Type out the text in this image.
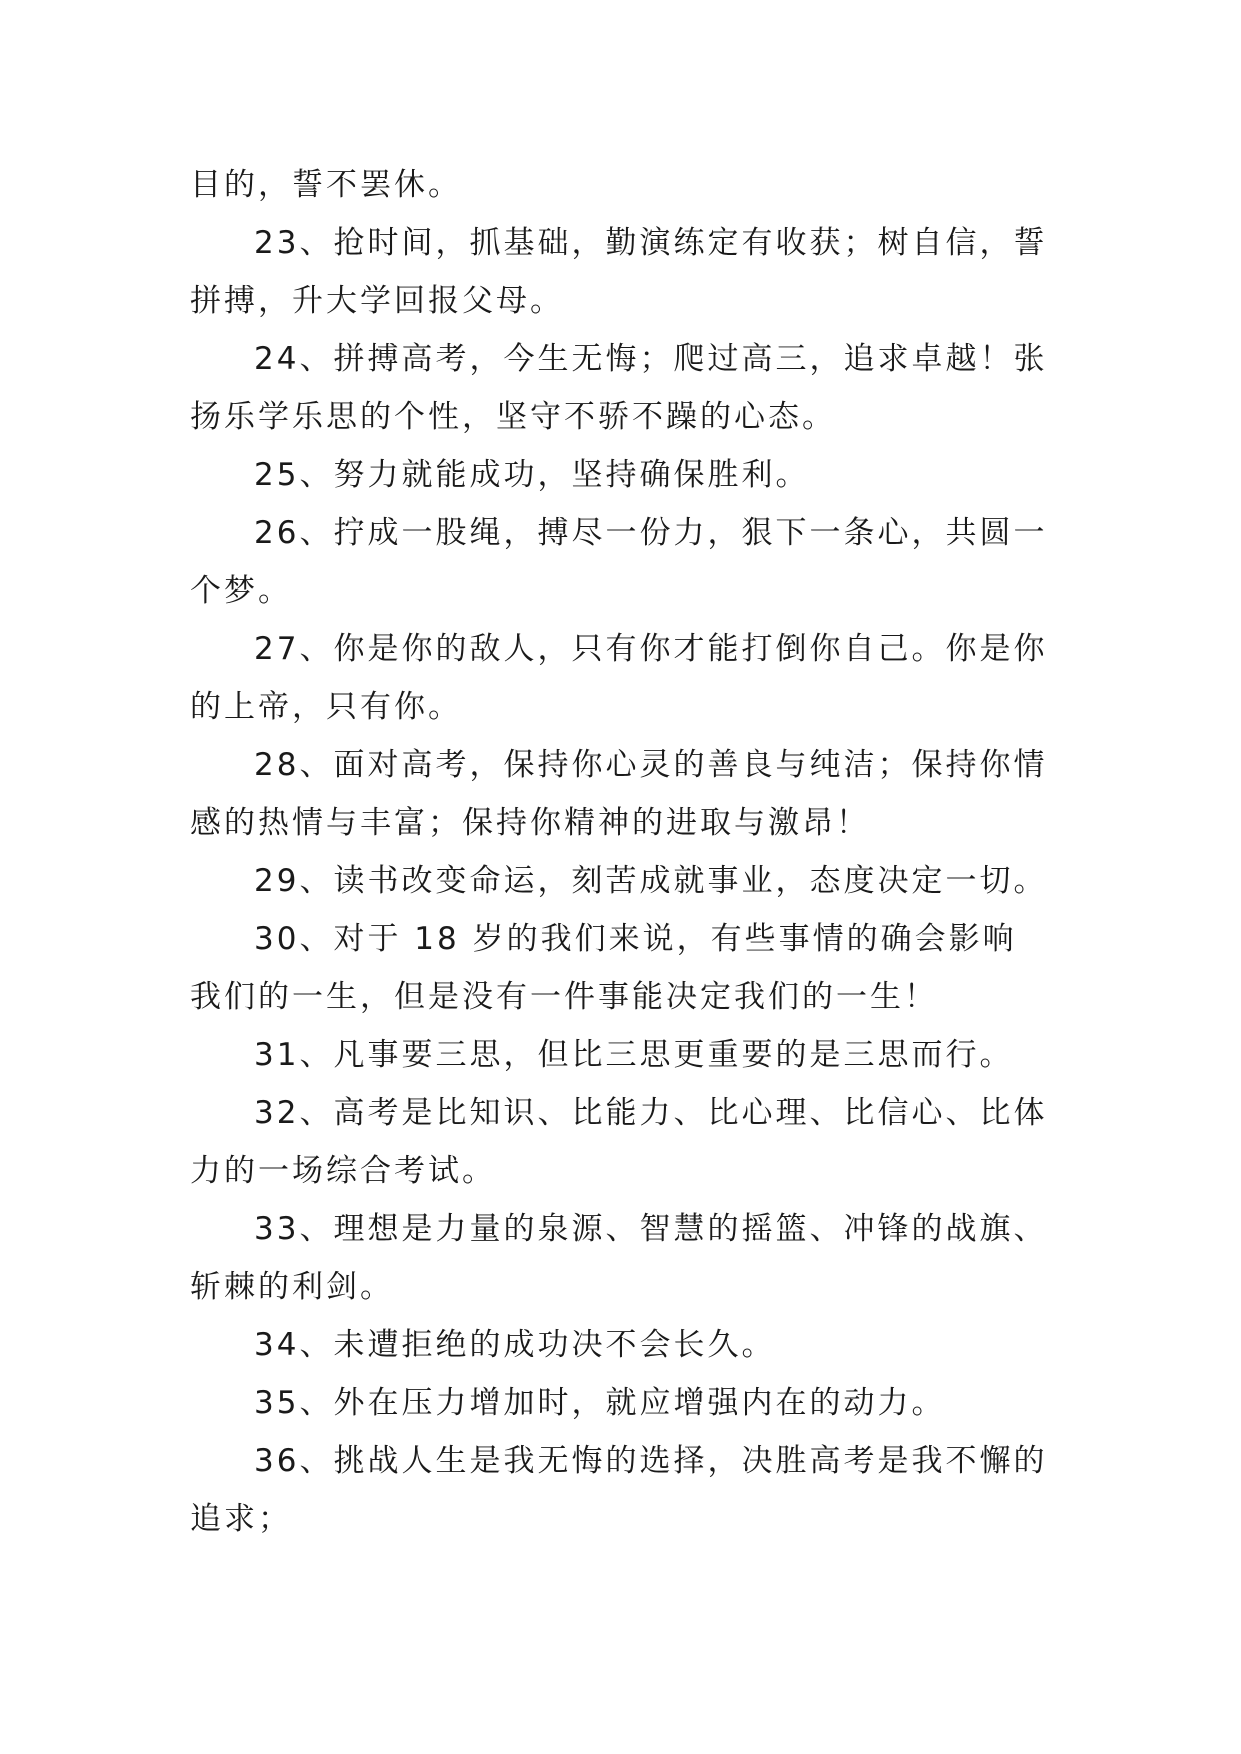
目的，誓不罢休。

23、抢时间，抓基础，勤演练定有收获；树自信，誓拼搏，升大学回报父母。

24、拼搏高考，今生无悔；爬过高三，追求卓越！张扬乐学乐思的个性，坚守不骄不躁的心态。

25、努力就能成功，坚持确保胜利。

26、拧成一股绳，搏尽一份力，狠下一条心，共圆一个梦。

27、你是你的敌人，只有你才能打倒你自己。你是你的上帝，只有你。

28、面对高考，保持你心灵的善良与纯洁；保持你情感的热情与丰富；保持你精神的进取与激昂！

29、读书改变命运，刻苦成就事业，态度决定一切。

30、对于 18 岁的我们来说，有些事情的确会影响我们的一生，但是没有一件事能决定我们的一生！

31、凡事要三思，但比三思更重要的是三思而行。

32、高考是比知识、比能力、比心理、比信心、比体力的一场综合考试。

33、理想是力量的泉源、智慧的摇篮、冲锋的战旗、斩棘的利剑。

34、未遭拒绝的成功决不会长久。

35、外在压力增加时，就应增强内在的动力。

36、挑战人生是我无悔的选择，决胜高考是我不懈的追求；
